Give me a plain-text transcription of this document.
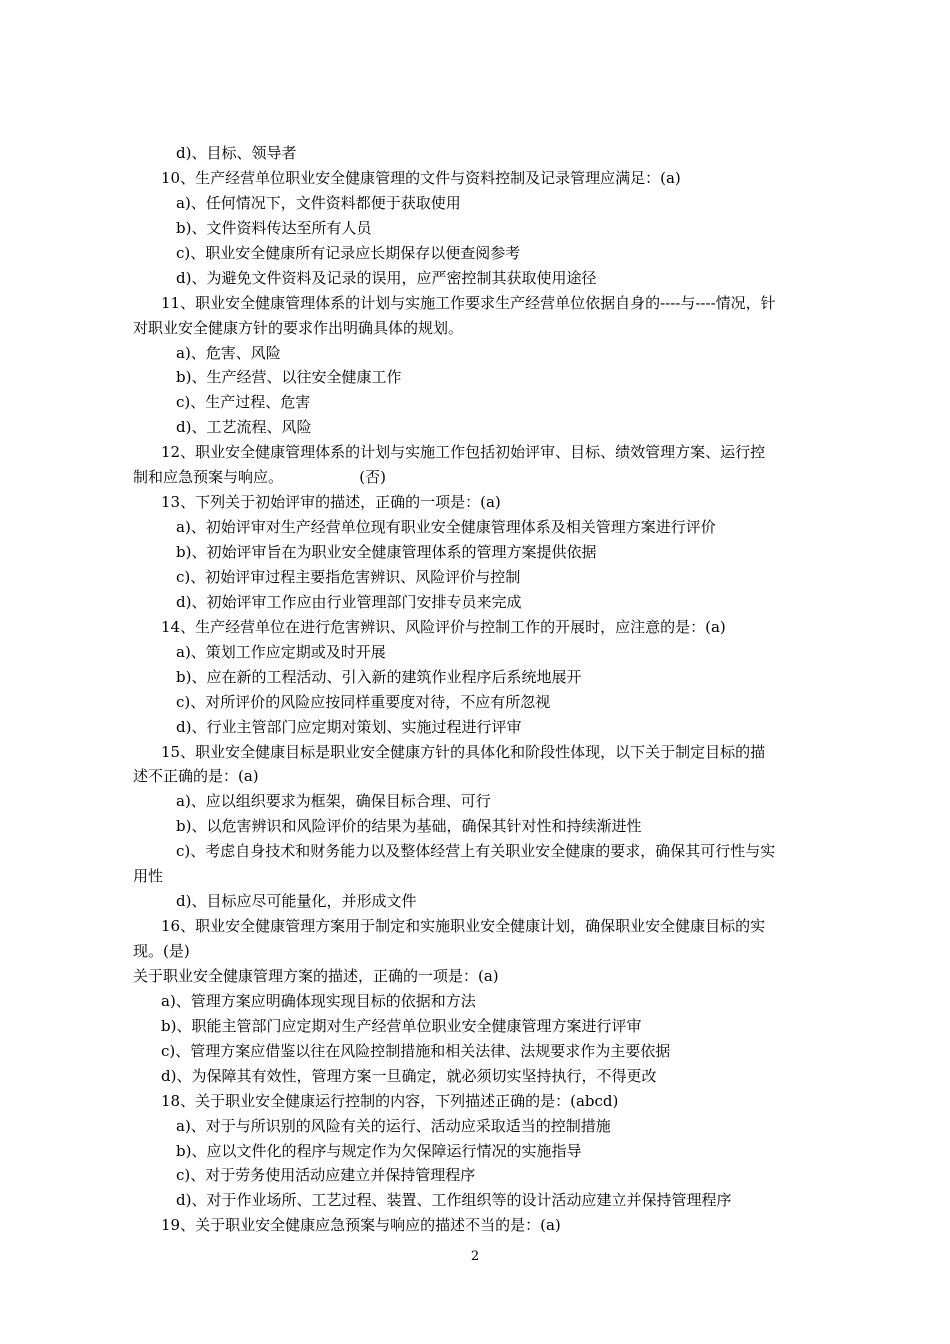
d)、目标、领导者
10、生产经营单位职业安全健康管理的文件与资料控制及记录管理应满足：(a)
a)、任何情况下，文件资料都便于获取使用
b)、文件资料传达至所有人员
c)、职业安全健康所有记录应长期保存以便查阅参考
d)、为避免文件资料及记录的误用，应严密控制其获取使用途径
11、职业安全健康管理体系的计划与实施工作要求生产经营单位依据自身的----与----情况，针
对职业安全健康方针的要求作出明确具体的规划。
a)、危害、风险
b)、生产经营、以往安全健康工作
c)、生产过程、危害
d)、工艺流程、风险
12、职业安全健康管理体系的计划与实施工作包括初始评审、目标、绩效管理方案、运行控
制和应急预案与响应。                (否)
13、下列关于初始评审的描述，正确的一项是：(a)
a)、初始评审对生产经营单位现有职业安全健康管理体系及相关管理方案进行评价
b)、初始评审旨在为职业安全健康管理体系的管理方案提供依据
c)、初始评审过程主要指危害辨识、风险评价与控制
d)、初始评审工作应由行业管理部门安排专员来完成
14、生产经营单位在进行危害辨识、风险评价与控制工作的开展时，应注意的是：(a)
a)、策划工作应定期或及时开展
b)、应在新的工程活动、引入新的建筑作业程序后系统地展开
c)、对所评价的风险应按同样重要度对待，不应有所忽视
d)、行业主管部门应定期对策划、实施过程进行评审
15、职业安全健康目标是职业安全健康方针的具体化和阶段性体现，以下关于制定目标的描
述不正确的是：(a)
a)、应以组织要求为框架，确保目标合理、可行
b)、以危害辨识和风险评价的结果为基础，确保其针对性和持续渐进性
c)、考虑自身技术和财务能力以及整体经营上有关职业安全健康的要求，确保其可行性与实
用性
d)、目标应尽可能量化，并形成文件
16、职业安全健康管理方案用于制定和实施职业安全健康计划，确保职业安全健康目标的实
现。(是)
关于职业安全健康管理方案的描述，正确的一项是：(a)
a)、管理方案应明确体现实现目标的依据和方法
b)、职能主管部门应定期对生产经营单位职业安全健康管理方案进行评审
c)、管理方案应借鉴以往在风险控制措施和相关法律、法规要求作为主要依据
d)、为保障其有效性，管理方案一旦确定，就必须切实坚持执行，不得更改
18、关于职业安全健康运行控制的内容，下列描述正确的是：(abcd)
a)、对于与所识别的风险有关的运行、活动应采取适当的控制措施
b)、应以文件化的程序与规定作为欠保障运行情况的实施指导
c)、对于劳务使用活动应建立并保持管理程序
d)、对于作业场所、工艺过程、装置、工作组织等的设计活动应建立并保持管理程序
19、关于职业安全健康应急预案与响应的描述不当的是：(a)
2
